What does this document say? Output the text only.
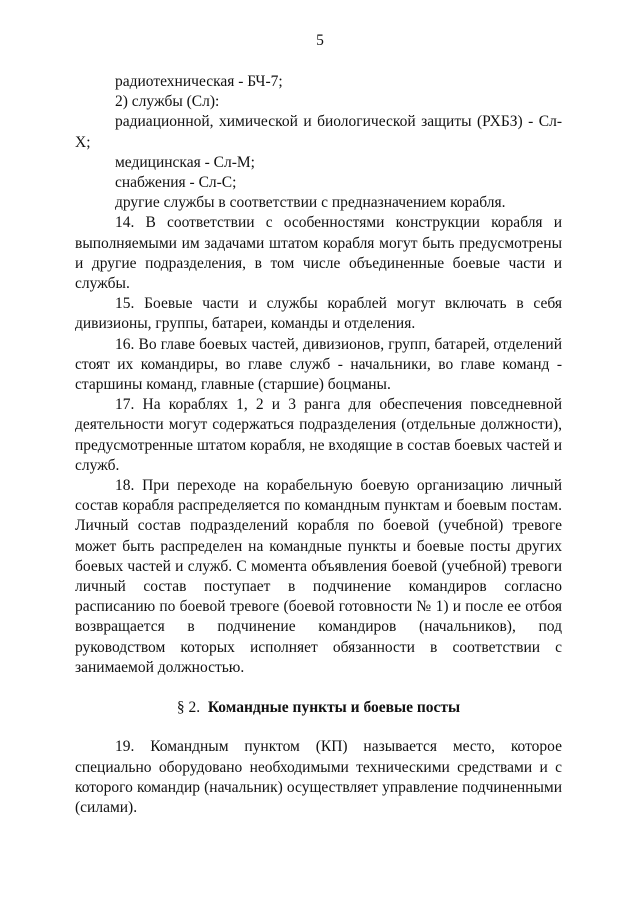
5

радиотехническая - БЧ-7;

2) службы (Сл):

радиационной, химической и биологической защиты (РХБЗ) - Сл-Х;

медицинская - Сл-М;

снабжения - Сл-С;

другие службы в соответствии с предназначением корабля.

14. В соответствии с особенностями конструкции корабля и выполняемыми им задачами штатом корабля могут быть предусмотрены и другие подразделения, в том числе объединенные боевые части и службы.

15. Боевые части и службы кораблей могут включать в себя дивизионы, группы, батареи, команды и отделения.

16. Во главе боевых частей, дивизионов, групп, батарей, отделений стоят их командиры, во главе служб - начальники, во главе команд - старшины команд, главные (старшие) боцманы.

17. На кораблях 1, 2 и 3 ранга для обеспечения повседневной деятельности могут содержаться подразделения (отдельные должности), предусмотренные штатом корабля, не входящие в состав боевых частей и служб.

18. При переходе на корабельную боевую организацию личный состав корабля распределяется по командным пунктам и боевым постам. Личный состав подразделений корабля по боевой (учебной) тревоге может быть распределен на командные пункты и боевые посты других боевых частей и служб. С момента объявления боевой (учебной) тревоги личный состав поступает в подчинение командиров согласно расписанию по боевой тревоге (боевой готовности № 1) и после ее отбоя возвращается в подчинение командиров (начальников), под руководством которых исполняет обязанности в соответствии с занимаемой должностью.

§ 2. Командные пункты и боевые посты

19. Командным пунктом (КП) называется место, которое специально оборудовано необходимыми техническими средствами и с которого командир (начальник) осуществляет управление подчиненными (силами).
